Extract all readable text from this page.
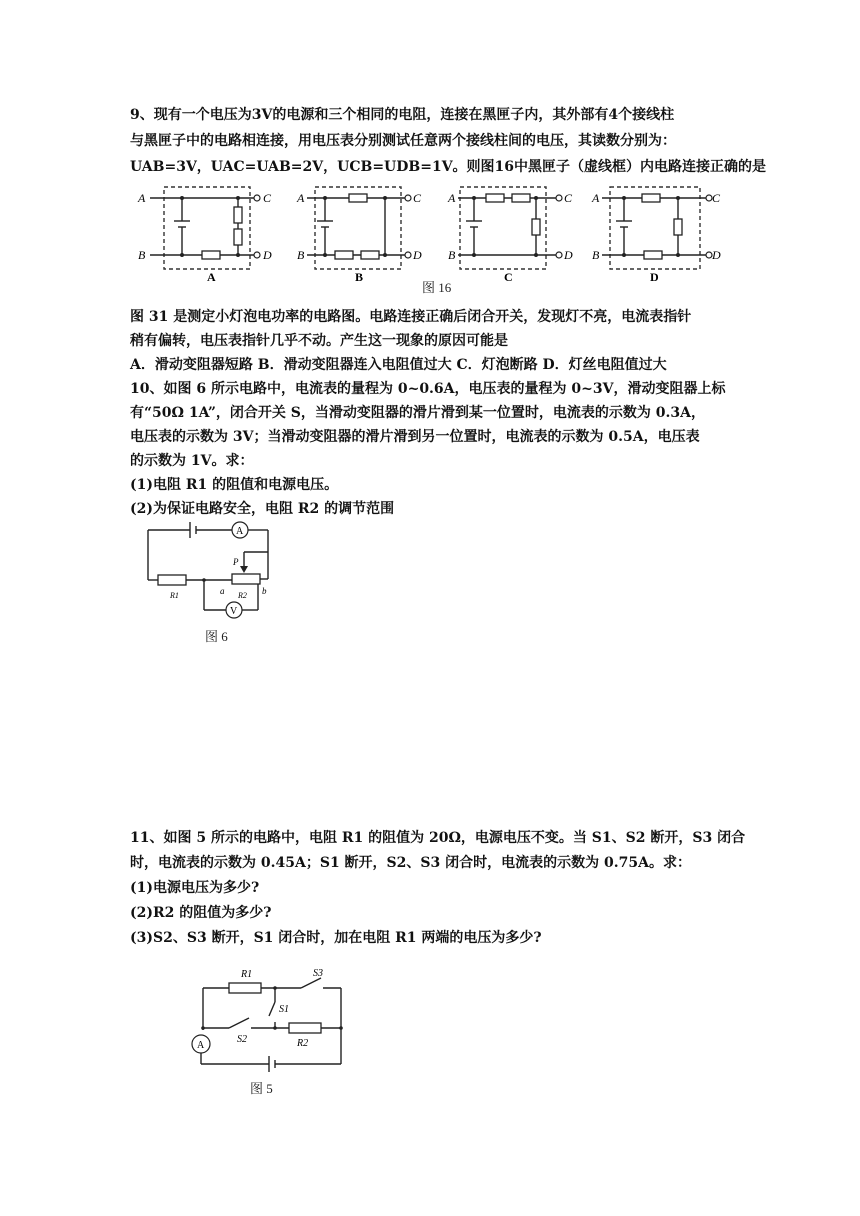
9、现有一个电压为3V的电源和三个相同的电阻，连接在黑匣子内，其外部有4个接线柱
与黑匣子中的电路相连接，用电压表分别测试任意两个接线柱间的电压，其读数分别为：
UAB=3V，UAC=UAB=2V，UCB=UDB=1V。则图16中黑匣子（虚线框）内电路连接正确的是
A
B
C
D
A
A
B
C
D
B
A
B
C
D
C
A
B
C
D
D
图 16
图 31 是测定小灯泡电功率的电路图。电路连接正确后闭合开关，发现灯不亮，电流表指针
稍有偏转，电压表指针几乎不动。产生这一现象的原因可能是
A．滑动变阻器短路 B．滑动变阻器连入电阻值过大 C．灯泡断路 D．灯丝电阻值过大
10、如图 6 所示电路中，电流表的量程为 0~0.6A，电压表的量程为 0~3V，滑动变阻器上标
有“50Ω 1A”，闭合开关 S，当滑动变阻器的滑片滑到某一位置时，电流表的示数为 0.3A，
电压表的示数为 3V；当滑动变阻器的滑片滑到另一位置时，电流表的示数为 0.5A，电压表
的示数为 1V。求：
(1)电阻 R1 的阻值和电源电压。
(2)为保证电路安全，电阻 R2 的调节范围
A
P
R2
R1	a	b
V
图 6
11、如图 5 所示的电路中，电阻 R1 的阻值为 20Ω，电源电压不变。当 S1、S2 断开，S3 闭合
时，电流表的示数为 0.45A；S1 断开，S2、S3 闭合时，电流表的示数为 0.75A。求：
(1)电源电压为多少?
(2)R2 的阻值为多少?
(3)S2、S3 断开，S1 闭合时，加在电阻 R1 两端的电压为多少?
R1	S3
S1
S2	R2
A
图 5
